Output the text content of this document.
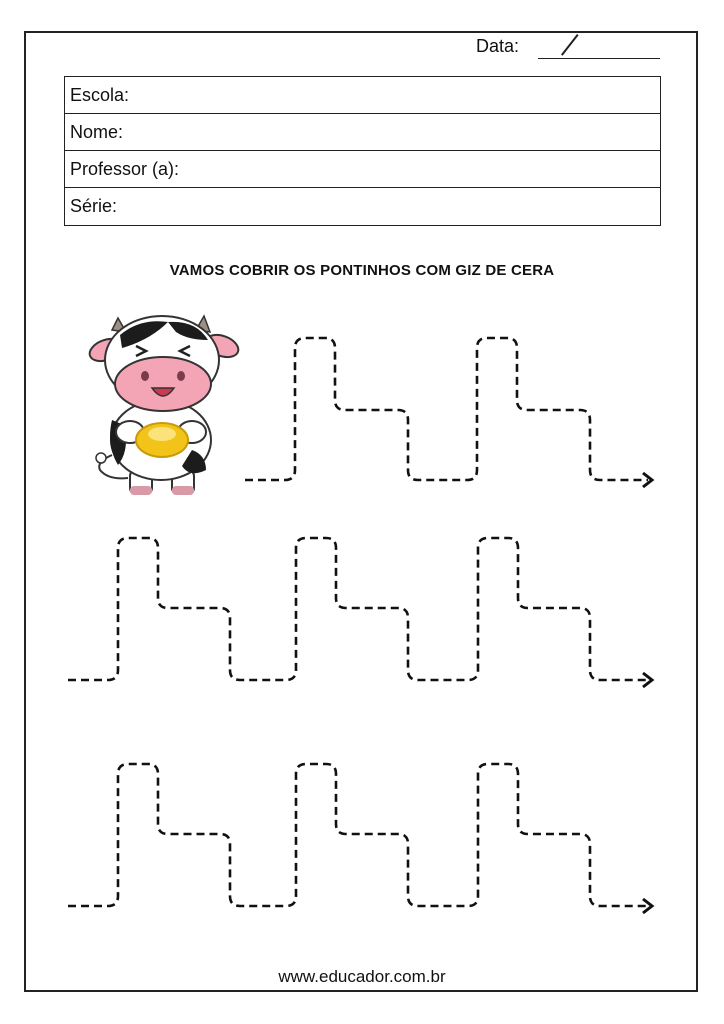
Data:
Escola:
Nome:
Professor (a):
Série:
VAMOS COBRIR OS PONTINHOS COM GIZ DE CERA
www.educador.com.br
